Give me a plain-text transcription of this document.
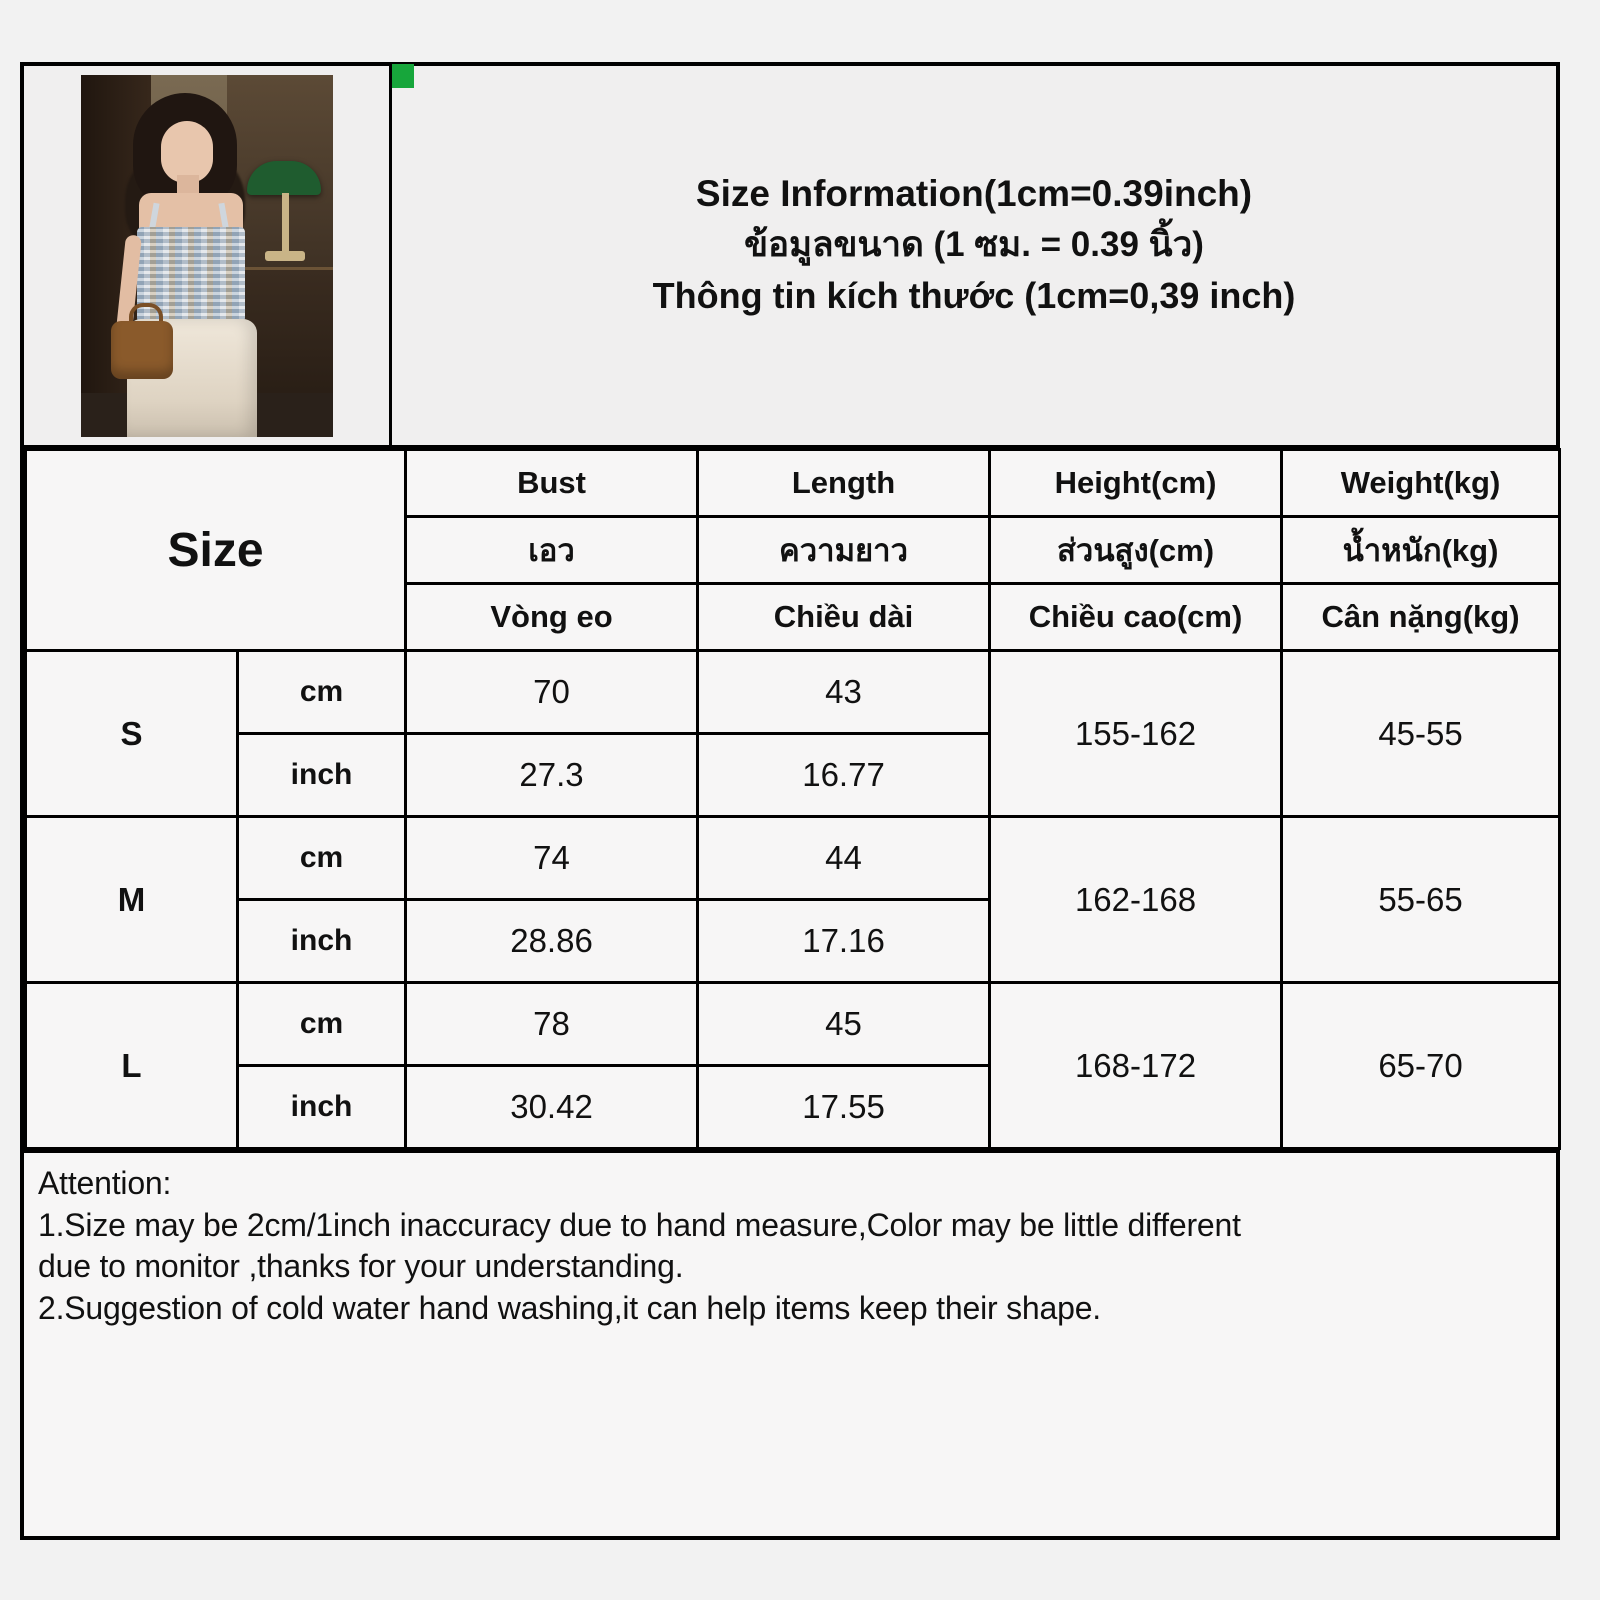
Size Information(1cm=0.39inch)
ข้อมูลขนาด (1 ซม. = 0.39 นิ้ว)
Thông tin kích thước (1cm=0,39 inch)
Size		Bust	Length	Height(cm)	Weight(kg)
		เอว	ความยาว	ส่วนสูง(cm)	น้ำหนัก(kg)
		Vòng eo	Chiều dài	Chiều cao(cm)	Cân nặng(kg)
S	cm	70	43	155-162	45-55
	inch	27.3	16.77		
M	cm	74	44	162-168	55-65
	inch	28.86	17.16		
L	cm	78	45	168-172	65-70
	inch	30.42	17.55		

Attention:

1.Size may be 2cm/1inch inaccuracy due to hand measure,Color may be little different

due to monitor ,thanks for your understanding.

2.Suggestion of cold water hand washing,it can help items keep their shape.
